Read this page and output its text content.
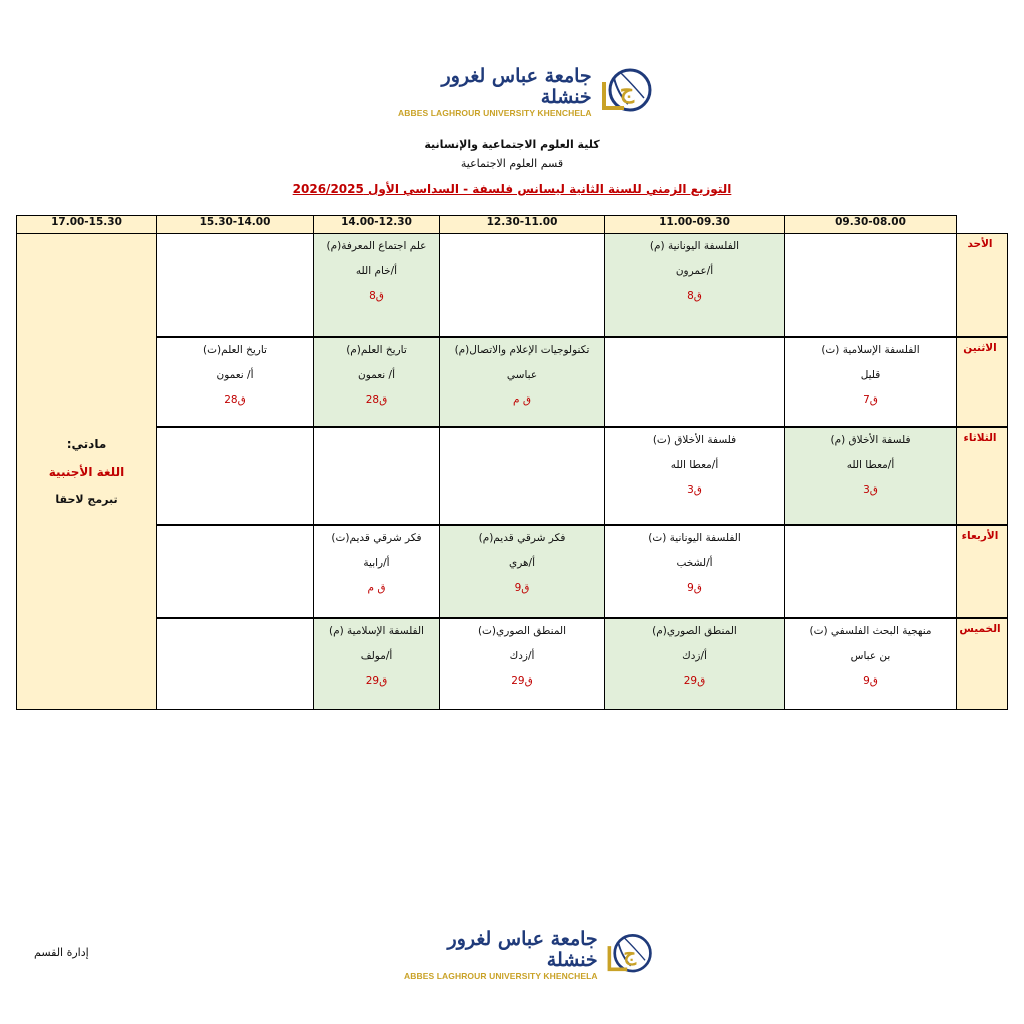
جامعة عباس لغرور خنشلة
ABBES LAGHROUR UNIVERSITY KHENCHELA
ج
كلية العلوم الاجتماعية والإنسانية
قسم العلوم الاجتماعية
التوزيع الزمني للسنة الثانية ليسانس فلسفة - السداسي الأول 2026/2025
17.00-15.30	15.30-14.00	14.00-12.30	12.30-11.00	11.00-09.30	09.30-08.00	

مادتي:
اللغة الأجنبية
تبرمج لاحقا		علم اجتماع المعرفة(م)
أ/خام الله
ق8		الفلسفة اليونانية (م)
أ/عمرون
ق8		الأحد

	تاريخ العلم(ت)
أ/ نعمون
ق28	تاريخ العلم(م)
أ/ نعمون
ق28	تكنولوجيات الإعلام والاتصال(م)
عباسي
ق م		الفلسفة الإسلامية (ت)
قليل
ق7	الاثنين

				فلسفة الأخلاق (ت)
أ/معطا الله
ق3	فلسفة الأخلاق (م)
أ/معطا الله
ق3	الثلاثاء

		فكر شرقي قديم(ت)
أ/رابية
ق م	فكر شرقي قديم(م)
أ/هري
ق9	الفلسفة اليونانية (ت)
أ/لشخب
ق9		الأربعاء

		الفلسفة الإسلامية (م)
أ/مولف
ق29	المنطق الصوري(ت)
أ/زدك
ق29	المنطق الصوري(م)
أ/زدك
ق29	منهجية البحث الفلسفي (ت)
بن عباس
ق9	الخميس
إدارة القسم
جامعة عباس لغرور خنشلة
ABBES LAGHROUR UNIVERSITY KHENCHELA
ج
